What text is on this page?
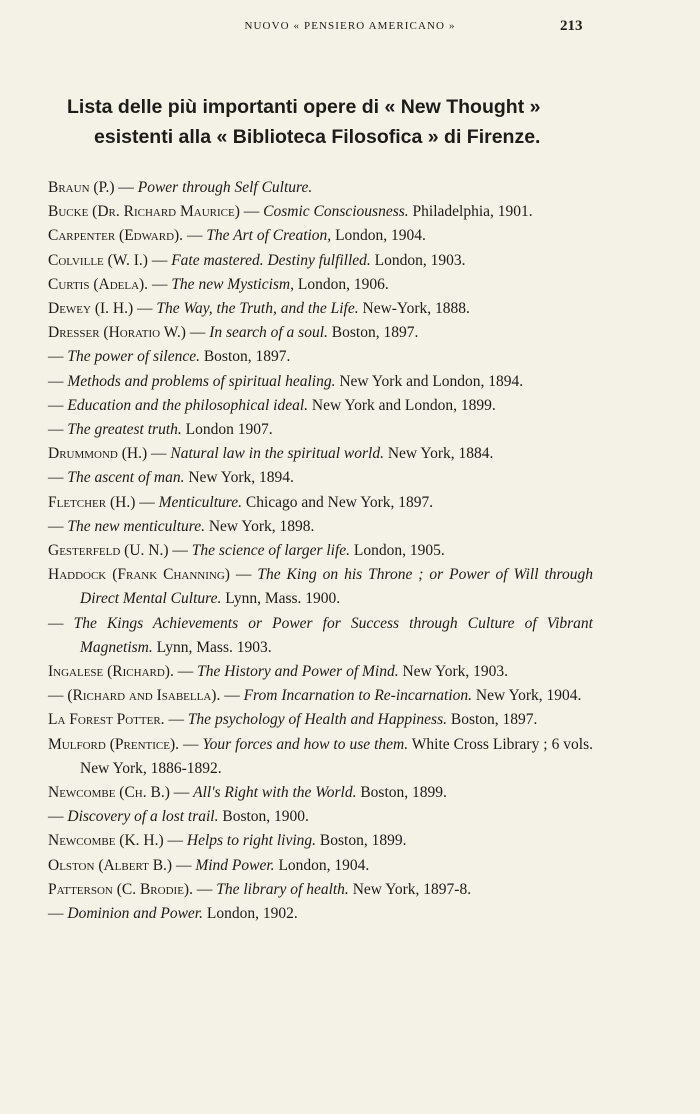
NUOVO « PENSIERO AMERICANO »	213
Lista delle più importanti opere di « New Thought »
esistenti alla « Biblioteca Filosofica » di Firenze.
Braun (P.) — Power through Self Culture.
Bucke (Dr. Richard Maurice) — Cosmic Consciousness. Philadelphia, 1901.
Carpenter (Edward). — The Art of Creation, London, 1904.
Colville (W. I.) — Fate mastered. Destiny fulfilled. London, 1903.
Curtis (Adela). — The new Mysticism, London, 1906.
Dewey (I. H.) — The Way, the Truth, and the Life. New-York, 1888.
Dresser (Horatio W.) — In search of a soul. Boston, 1897.
— The power of silence. Boston, 1897.
— Methods and problems of spiritual healing. New York and London, 1894.
— Education and the philosophical ideal. New York and London, 1899.
— The greatest truth. London 1907.
Drummond (H.) — Natural law in the spiritual world. New York, 1884.
— The ascent of man. New York, 1894.
Fletcher (H.) — Menticulture. Chicago and New York, 1897.
— The new menticulture. New York, 1898.
Gesterfeld (U. N.) — The science of larger life. London, 1905.
Haddock (Frank Channing) — The King on his Throne ; or Power of Will through Direct Mental Culture. Lynn, Mass. 1900.
— The Kings Achievements or Power for Success through Culture of Vibrant Magnetism. Lynn, Mass. 1903.
Ingalese (Richard). — The History and Power of Mind. New York, 1903.
— (Richard and Isabella). — From Incarnation to Re-incarnation. New York, 1904.
La Forest Potter. — The psychology of Health and Happiness. Boston, 1897.
Mulford (Prentice). — Your forces and how to use them. White Cross Library ; 6 vols. New York, 1886-1892.
Newcombe (Ch. B.) — All's Right with the World. Boston, 1899.
— Discovery of a lost trail. Boston, 1900.
Newcombe (K. H.) — Helps to right living. Boston, 1899.
Olston (Albert B.) — Mind Power. London, 1904.
Patterson (C. Brodie). — The library of health. New York, 1897-8.
— Dominion and Power. London, 1902.
